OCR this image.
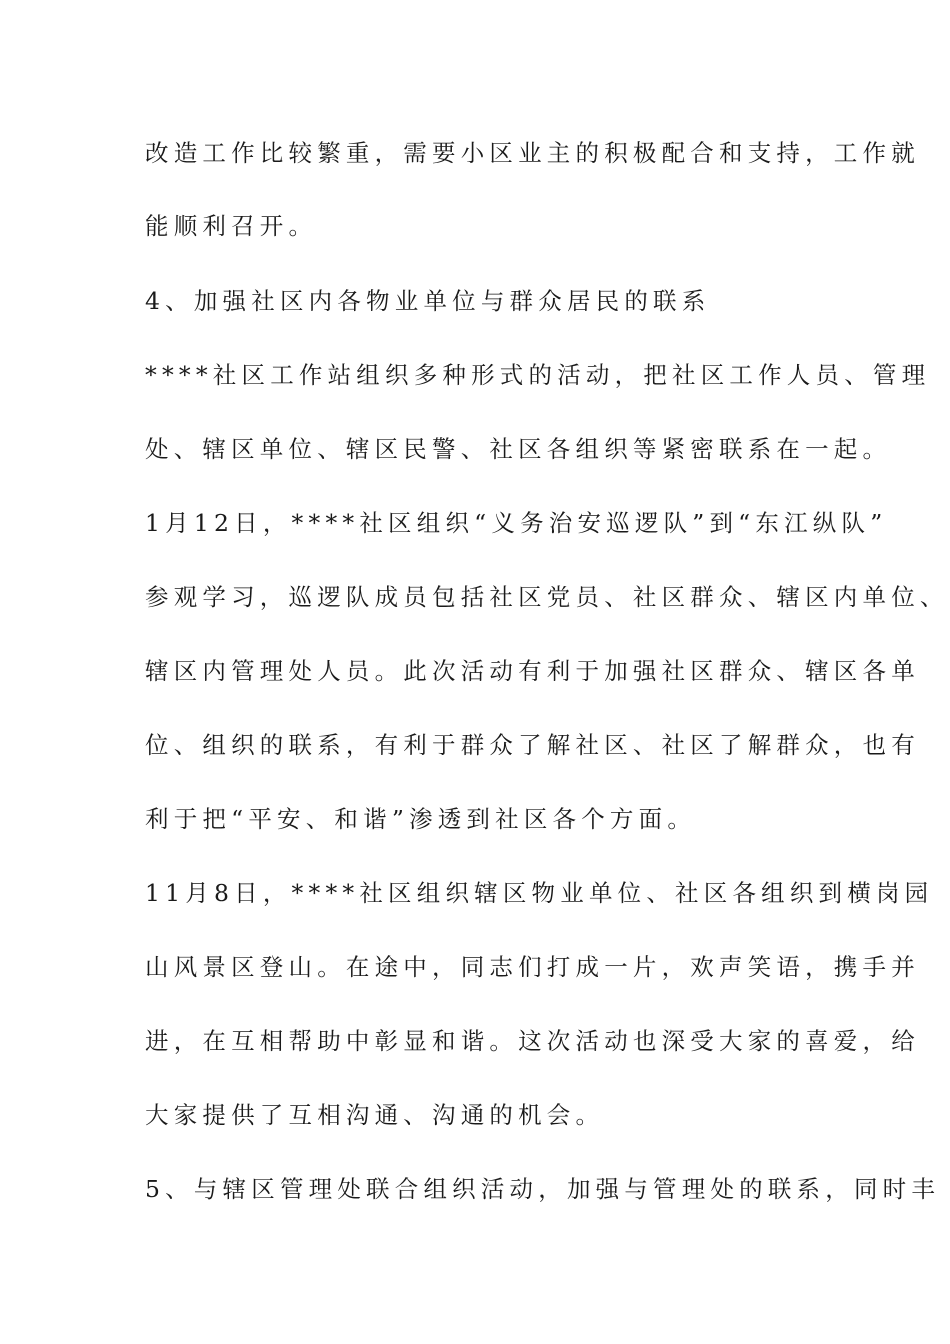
改造工作比较繁重，需要小区业主的积极配合和支持，工作就
能顺利召开。
4、加强社区内各物业单位与群众居民的联系
****社区工作站组织多种形式的活动，把社区工作人员、管理
处、辖区单位、辖区民警、社区各组织等紧密联系在一起。
1月12日，****社区组织“义务治安巡逻队”到“东江纵队”
参观学习，巡逻队成员包括社区党员、社区群众、辖区内单位、
辖区内管理处人员。此次活动有利于加强社区群众、辖区各单
位、组织的联系，有利于群众了解社区、社区了解群众，也有
利于把“平安、和谐”渗透到社区各个方面。
11月8日，****社区组织辖区物业单位、社区各组织到横岗园
山风景区登山。在途中，同志们打成一片，欢声笑语，携手并
进，在互相帮助中彰显和谐。这次活动也深受大家的喜爱，给
大家提供了互相沟通、沟通的机会。
5、与辖区管理处联合组织活动，加强与管理处的联系，同时丰
